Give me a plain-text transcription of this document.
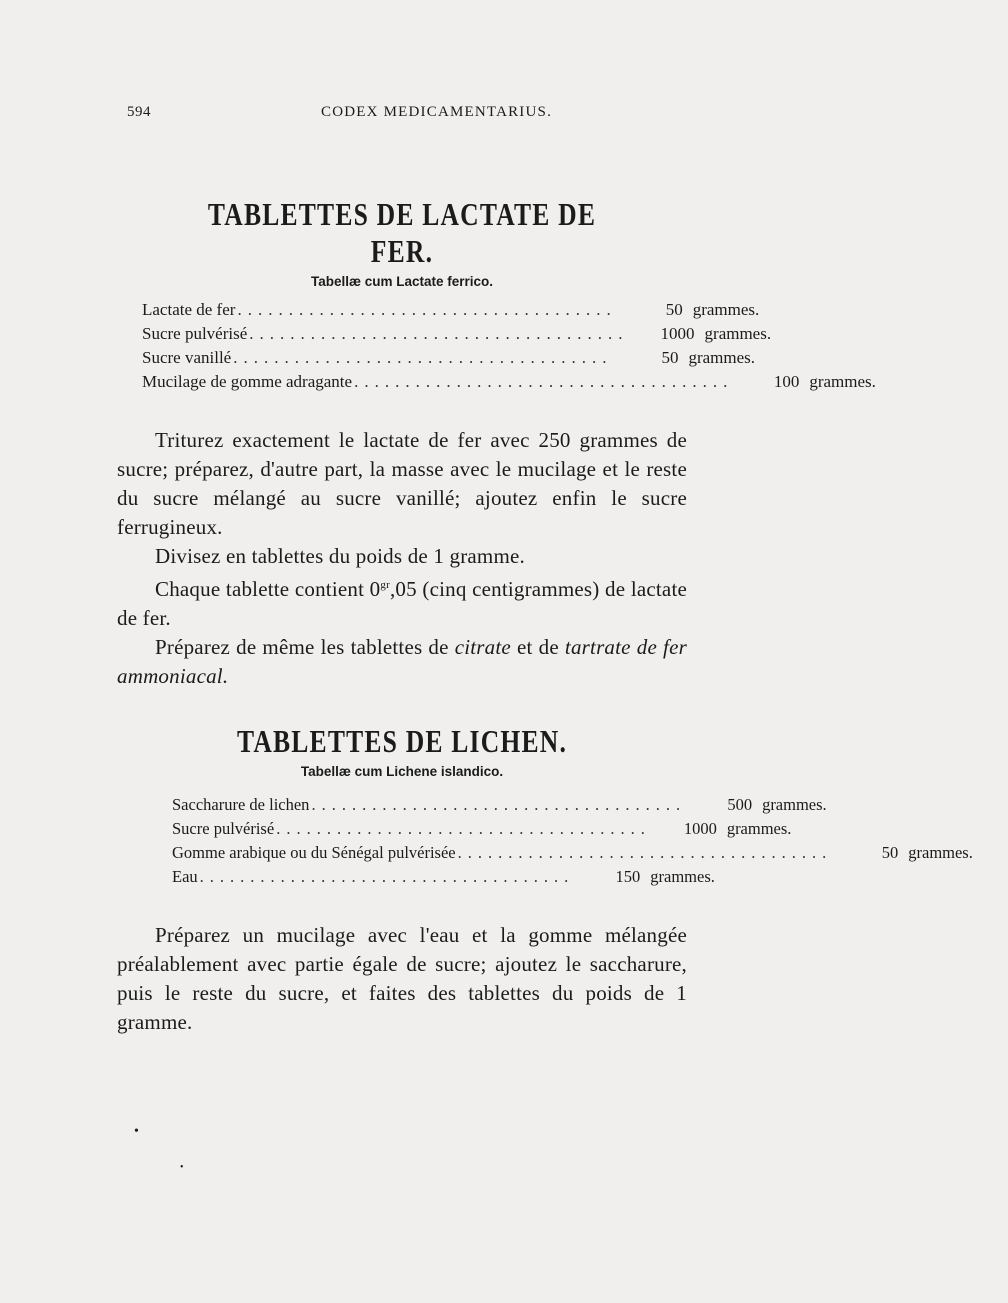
594	CODEX MEDICAMENTARIUS.
TABLETTES DE LACTATE DE FER.

Tabellæ cum Lactate ferrico.

Lactate de fer .....................................	50 grammes.
Sucre pulvérisé .....................................	1000 grammes.
Sucre vanillé .....................................	50 grammes.
Mucilage de gomme adragante .....................................	100 grammes.

Triturez exactement le lactate de fer avec 250 grammes de sucre; préparez, d'autre part, la masse avec le mucilage et le reste du sucre mélangé au sucre vanillé; ajoutez enfin le sucre ferrugineux.

Divisez en tablettes du poids de 1 gramme.

Chaque tablette contient $0^{gr},05$ (cinq centigrammes) de lactate de fer.

Préparez de même les tablettes de citrate et de tartrate de fer ammoniacal.

TABLETTES DE LICHEN.

Tabellæ cum Lichene islandico.

Saccharure de lichen .....................................	500 grammes.
Sucre pulvérisé .....................................	1000 grammes.
Gomme arabique ou du Sénégal pulvérisée .....................................	50 grammes.
Eau .....................................	150 grammes.

Préparez un mucilage avec l'eau et la gomme mélangée préalablement avec partie égale de sucre; ajoutez le saccharure, puis le reste du sucre, et faites des tablettes du poids de 1 gramme.

•
•
